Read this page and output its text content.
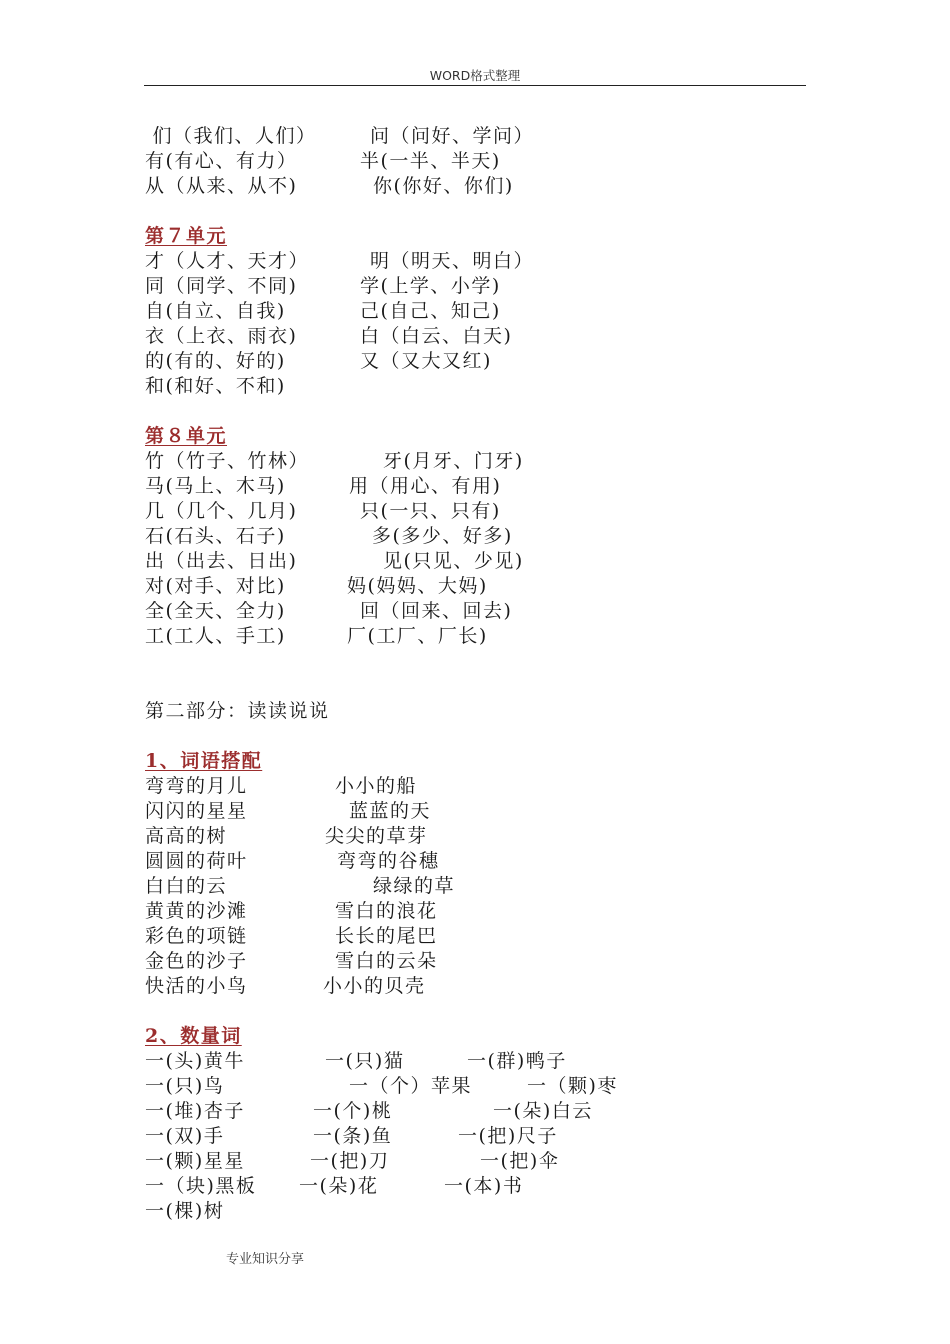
WORD格式整理
们（我们、人们）	问（问好、学问）
有(有心、有力）	半(一半、半天)
从（从来、从不)	你(你好、你们)
第７单元
才（人才、天才）	明（明天、明白）
同（同学、不同)	学(上学、小学)
自(自立、自我)	己(自己、知己)
衣（上衣、雨衣)	白（白云、白天)
的(有的、好的)	又（又大又红)
和(和好、不和)
第８单元
竹（竹子、竹林）	牙(月牙、门牙)
马(马上、木马)	用（用心、有用)
几（几个、几月)	只(一只、只有)
石(石头、石子)	多(多少、好多)
出（出去、日出)	见(只见、少见)
对(对手、对比)	妈(妈妈、大妈)
全(全天、全力)	回（回来、回去)
工(工人、手工)	厂(工厂、厂长)
第二部分：读读说说
1、词语搭配
弯弯的月儿	小小的船
闪闪的星星	蓝蓝的天
高高的树	尖尖的草芽
圆圆的荷叶	弯弯的谷穗
白白的云	绿绿的草
黄黄的沙滩	雪白的浪花
彩色的项链	长长的尾巴
金色的沙子	雪白的云朵
快活的小鸟	小小的贝壳
2、数量词
一(头)黄牛	一(只)猫	一(群)鸭子
一(只)鸟	一（个）苹果	一（颗)枣
一(堆)杏子	一(个)桃	一(朵)白云
一(双)手	一(条)鱼	一(把)尺子
一(颗)星星	一(把)刀	一(把)伞
一（块)黑板 一(朵)花	一(本)书
一(棵)树
专业知识分享
